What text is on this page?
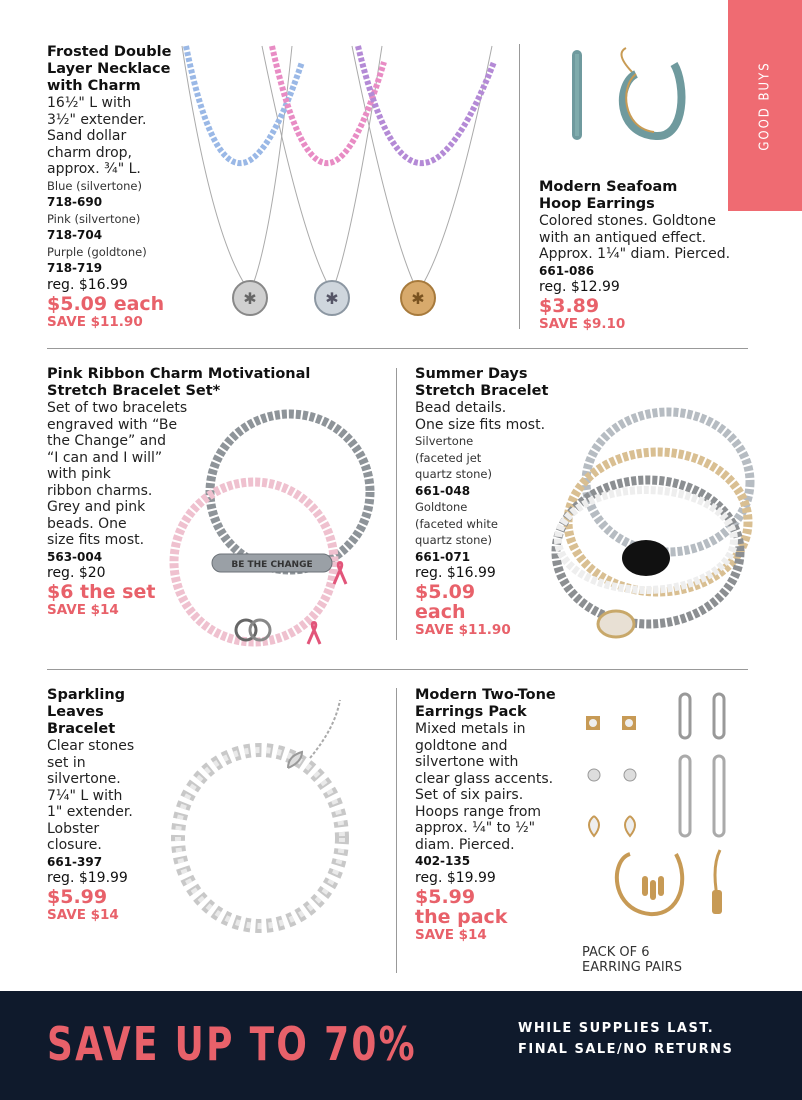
GOOD BUYS
Frosted Double
Layer Necklace
with Charm
16½" L with
3½" extender.
Sand dollar
charm drop,
approx. ¾" L.
Blue (silvertone)
718-690
Pink (silvertone)
718-704
Purple (goldtone)
718-719
reg. $16.99
$5.09 each
SAVE $11.90
✱	✱	✱
Modern Seafoam
Hoop Earrings
Colored stones. Goldtone
with an antiqued effect.
Approx. 1¼" diam. Pierced.
661-086
reg. $12.99
$3.89
SAVE $9.10
Pink Ribbon Charm Motivational
Stretch Bracelet Set*
Set of two bracelets
engraved with “Be
the Change” and
“I can and I will”
with pink
ribbon charms.
Grey and pink
beads. One
size fits most.
563-004
reg. $20
$6 the set
SAVE $14
BE THE CHANGE
Summer Days
Stretch Bracelet
Bead details.
One size fits most.
Silvertone
(faceted jet
quartz stone)
661-048
Goldtone
(faceted white
quartz stone)
661-071
reg. $16.99
$5.09
each
SAVE $11.90
Sparkling
Leaves
Bracelet
Clear stones
set in
silvertone.
7¼" L with
1" extender.
Lobster
closure.
661-397
reg. $19.99
$5.99
SAVE $14
Modern Two-Tone
Earrings Pack
Mixed metals in
goldtone and
silvertone with
clear glass accents.
Set of six pairs.
Hoops range from
approx. ¼" to ½"
diam. Pierced.
402-135
reg. $19.99
$5.99
the pack
SAVE $14
PACK OF 6
EARRING PAIRS
SAVE UP TO 70%	WHILE SUPPLIES LAST.
FINAL SALE/NO RETURNS
